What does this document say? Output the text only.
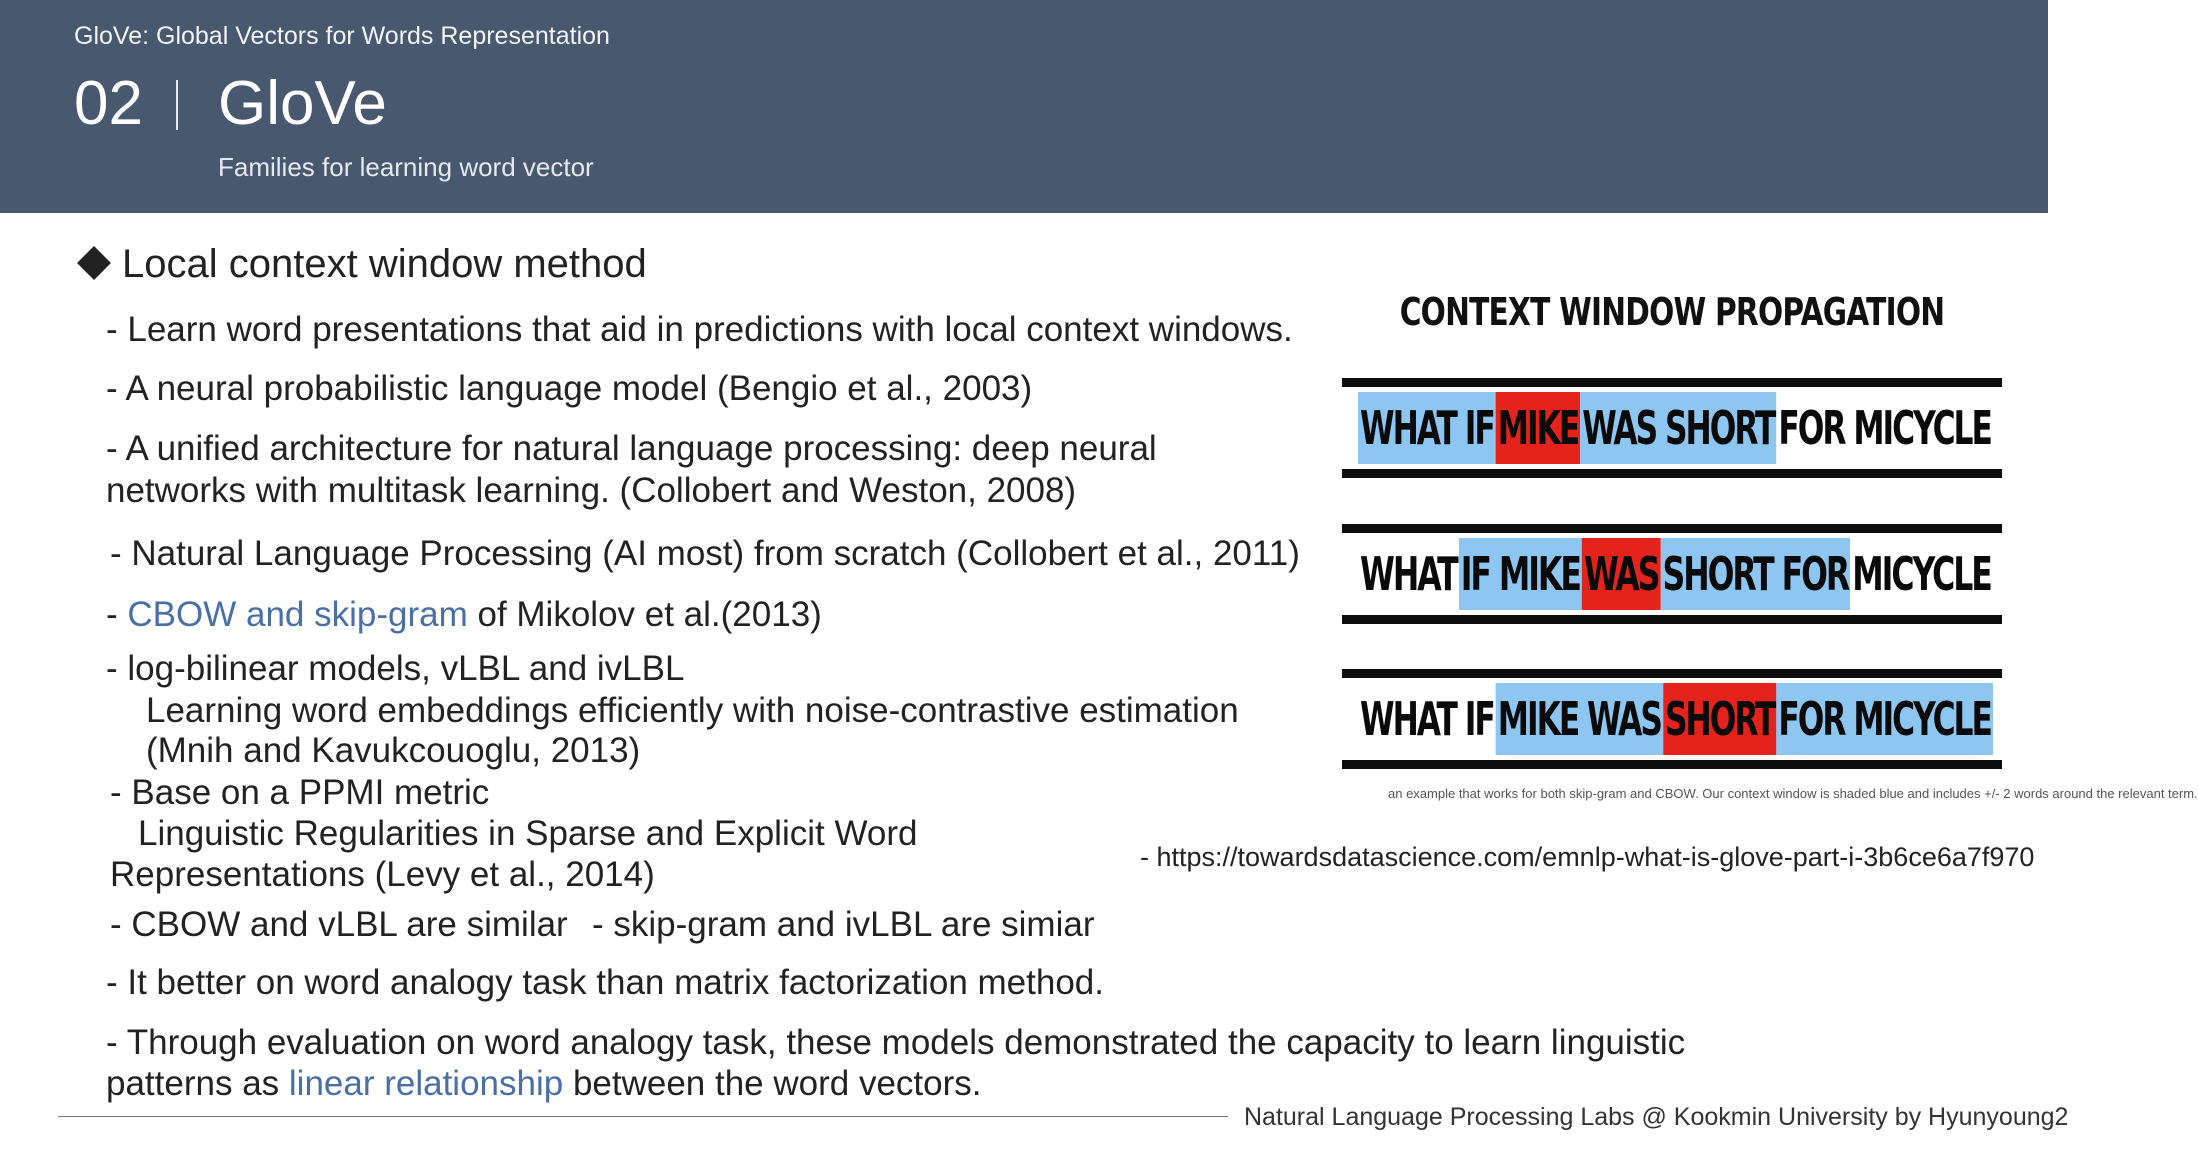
GloVe: Global Vectors for Words Representation
02 GloVe
Families for learning word vector
Local context window method
- Learn word presentations that aid in predictions with local context windows.
- A neural probabilistic language model (Bengio et al., 2003)
- A unified architecture for natural language processing: deep neural
networks with multitask learning. (Collobert and Weston, 2008)
- Natural Language Processing (AI most) from scratch (Collobert et al., 2011)
- CBOW and skip-gram of Mikolov et al.(2013)
- log-bilinear models, vLBL and ivLBL
Learning word embeddings efficiently with noise-contrastive estimation
(Mnih and Kavukcouoglu, 2013)
- Base on a PPMI metric
Linguistic Regularities in Sparse and Explicit Word
Representations (Levy et al., 2014)
- CBOW and vLBL are similar - skip-gram and ivLBL are simiar
- It better on word analogy task than matrix factorization method.
- Through evaluation on word analogy task, these models demonstrated the capacity to learn linguistic
patterns as linear relationship between the word vectors.
CONTEXT WINDOW PROPAGATION
WHAT IF MIKE WAS SHORT FOR MICYCLE
WHAT IF MIKE WAS SHORT FOR MICYCLE
WHAT IF MIKE WAS SHORT FOR MICYCLE
an example that works for both skip-gram and CBOW. Our context window is shaded blue and includes +/- 2 words around the relevant term.
- https://towardsdatascience.com/emnlp-what-is-glove-part-i-3b6ce6a7f970
Natural Language Processing Labs @ Kookmin University by Hyunyoung2
